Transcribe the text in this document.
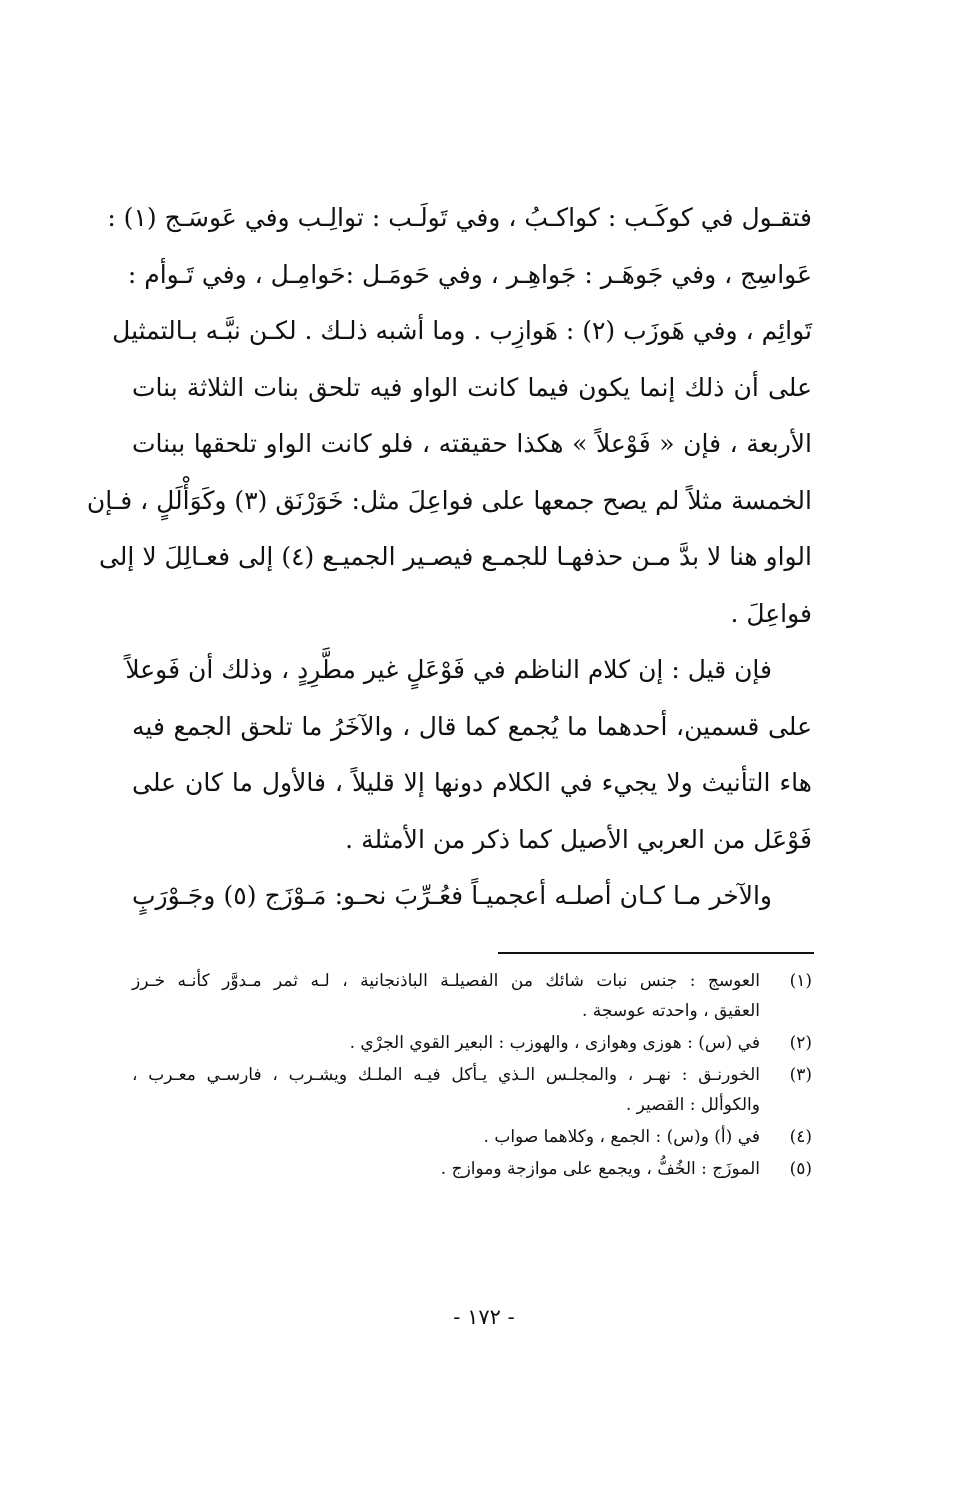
فتقـول في كوكَـب : كواكـبُ ، وفي تَولَـب : توالِـب وفي عَوسَـج (١) :
عَواسِج ، وفي جَوهَـر : جَواهِـر ، وفي حَومَـل :حَوامِـل ، وفي تَـوأم :
تَوائِم ، وفي هَوزَب (٢) : هَوازِب . وما أشبه ذلـك . لكـن نبَّـه بـالتمثيل
على أن ذلك إنما يكون فيما كانت الواو فيه تلحق بنات الثلاثة بنات
الأربعة ، فإن « فَوْعلاً » هكذا حقيقته ، فلو كانت الواو تلحقها ببنات
الخمسة مثلاً لم يصح جمعها على فواعِلَ مثل: خَوَرْنَق (٣) وكَوَأْلَلٍ ، فـإن
الواو هنا لا بدَّ مـن حذفهـا للجمـع فيصـير الجميـع (٤) إلى فعـالِلَ لا إلى
فواعِلَ .
فإن قيل : إن كلام الناظم في فَوْعَلٍ غير مطَّرِدٍ ، وذلك أن فَوعلاً
على قسمين، أحدهما ما يُجمع كما قال ، والآخَرُ ما تلحق الجمع فيه
هاء التأنيث ولا يجيء في الكلام دونها إلا قليلاً ، فالأول ما كان على
فَوْعَل من العربي الأصيل كما ذكر من الأمثلة .
والآخر مـا كـان أصلـه أعجميـاً فعُـرِّبَ نحـو: مَـوْزَج (٥) وجَـوْرَبٍ
(١)
العوسج : جنس نبات شائك من الفصيلـة الباذنجانية ، لـه ثمر مـدوَّر كأنـه خـرز
العقيق ، واحدته عوسجة .
(٢)
في (س) : هوزى وهوازى ، والهوزب : البعير القوي الجرْي .
(٣)
الخورنـق : نهـر ، والمجلـس الـذي يـأكل فيـه الملـك ويشـرب ، فارسـي معـرب ،
والكوألل : القصير .
(٤)
في (أ) و(س) : الجمع ، وكلاهما صواب .
(٥)
الموزَج : الخُفُّ ، ويجمع على موازجة وموازج .
- ١٧٢ -
